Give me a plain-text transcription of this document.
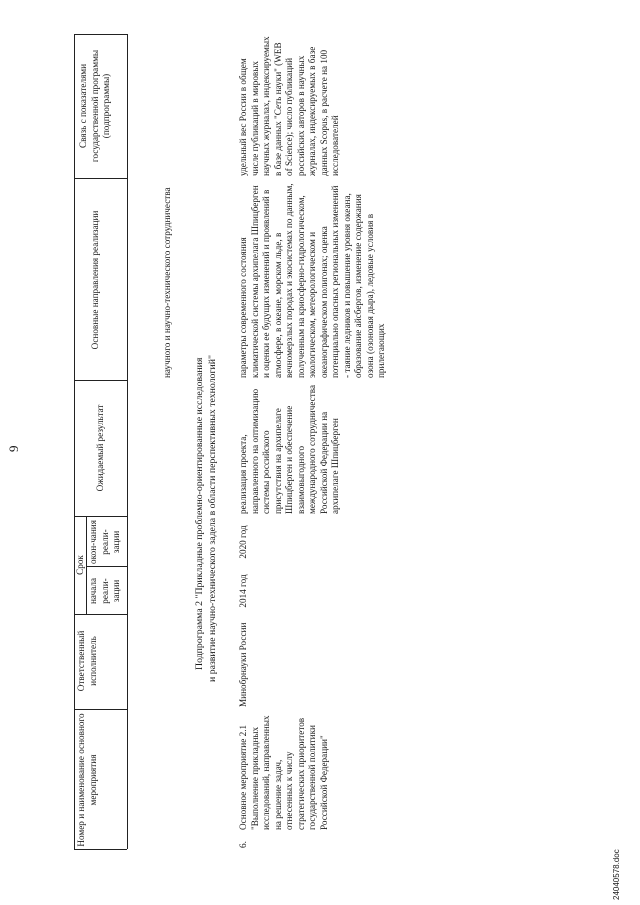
9
Номер и наименование основного мероприятия
Ответственный исполнитель
Срок
начала реали-зации
окон-чания реали-зации
Ожидаемый результат
Основные направления реализации
Связь с показателями государственной программы (подпрограммы)
научного и научно-технического сотрудничества
Подпрограмма 2 "Прикладные проблемно-ориентированные исследования и развитие научно-технического задела в области перспективных технологий"
6.
Основное мероприятие 2.1 "Выполнение прикладных исследований, направленных на решение задач, отнесенных к числу стратегических приоритетов государственной политики Российской Федерации"
Минобрнауки России
2014 год
2020 год
реализация проекта, направленного на оптимизацию системы российского присутствия на архипелаге Шпицберген и обеспечение взаимовыгодного международного сотрудничества Российской Федерации на архипелаге Шпицберген
параметры современного состояния климатической системы архипелага Шпицберген и оценки ее будущих изменений и проявлений в атмосфере, в океане, морском льде, в вечномерзлых породах и экосистемах по данным, полученным на криосферно-гидрологическом, экологическом, метеорологическом и океанографическом полигонах; оценка потенциально опасных региональных изменений - таяние ледников и повышение уровня океана, образование айсбергов, изменение содержания озона (озоновая дыра), ледовые условия в прилегающих
удельный вес России в общем числе публикаций в мировых научных журналах, индексируемых в базе данных "Сеть науки" (WEB of Science); число публикаций российских авторов в научных журналах, индексируемых в базе данных Scopus, в расчете на 100 исследователей
24040578.doc
